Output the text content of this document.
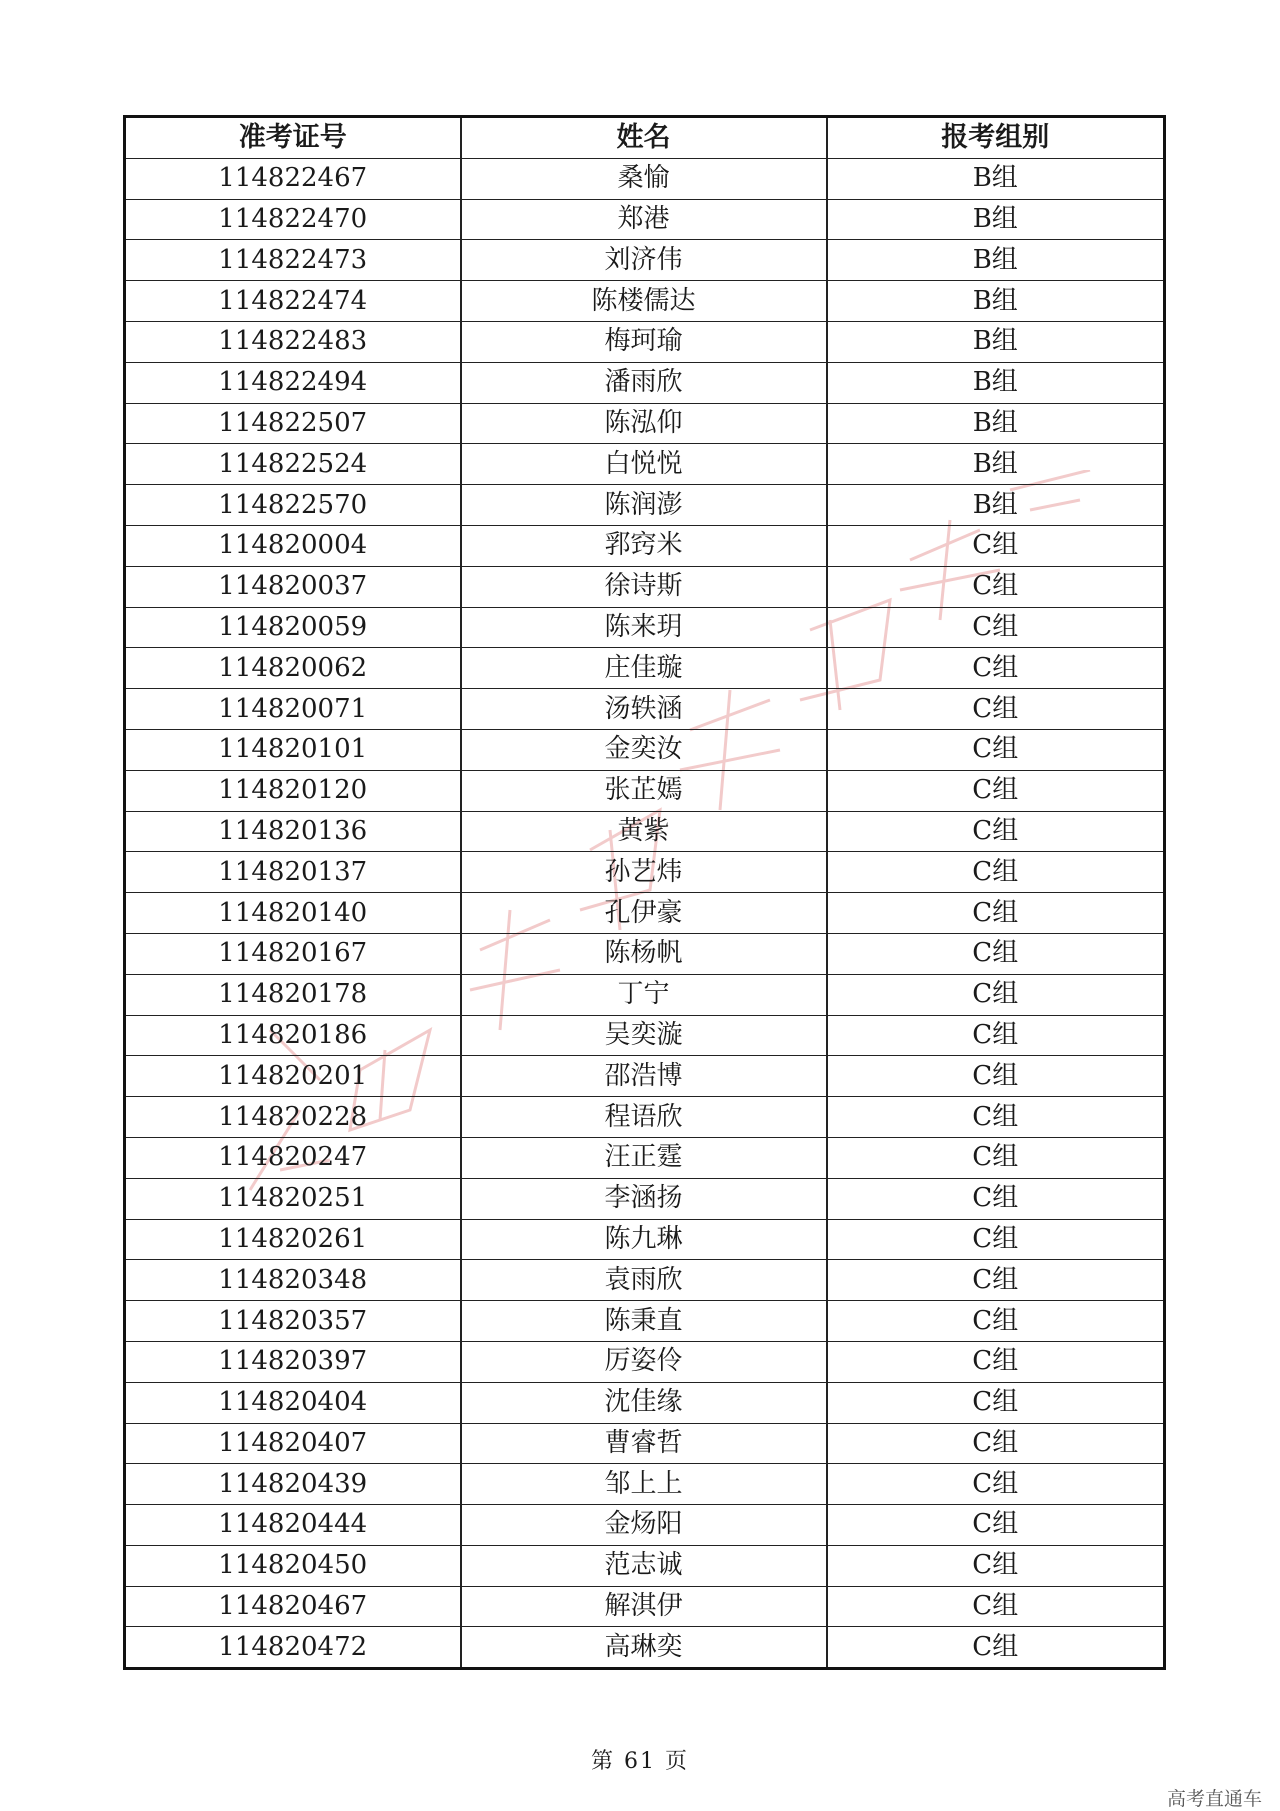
准考证号	姓名	报考组别
114822467	桑愉	B组
114822470	郑港	B组
114822473	刘济伟	B组
114822474	陈楼儒达	B组
114822483	梅珂瑜	B组
114822494	潘雨欣	B组
114822507	陈泓仰	B组
114822524	白悦悦	B组
114822570	陈润澎	B组
114820004	郛窍米	C组
114820037	徐诗斯	C组
114820059	陈来玥	C组
114820062	庄佳璇	C组
114820071	汤轶涵	C组
114820101	金奕汝	C组
114820120	张芷嫣	C组
114820136	黄紫	C组
114820137	孙艺炜	C组
114820140	孔伊豪	C组
114820167	陈杨帆	C组
114820178	丁宁	C组
114820186	吴奕漩	C组
114820201	邵浩博	C组
114820228	程语欣	C组
114820247	汪正霆	C组
114820251	李涵扬	C组
114820261	陈九琳	C组
114820348	袁雨欣	C组
114820357	陈秉直	C组
114820397	厉姿伶	C组
114820404	沈佳缘	C组
114820407	曹睿哲	C组
114820439	邹上上	C组
114820444	金炀阳	C组
114820450	范志诚	C组
114820467	解淇伊	C组
114820472	高琳奕	C组
第 61 页
高考直通车
